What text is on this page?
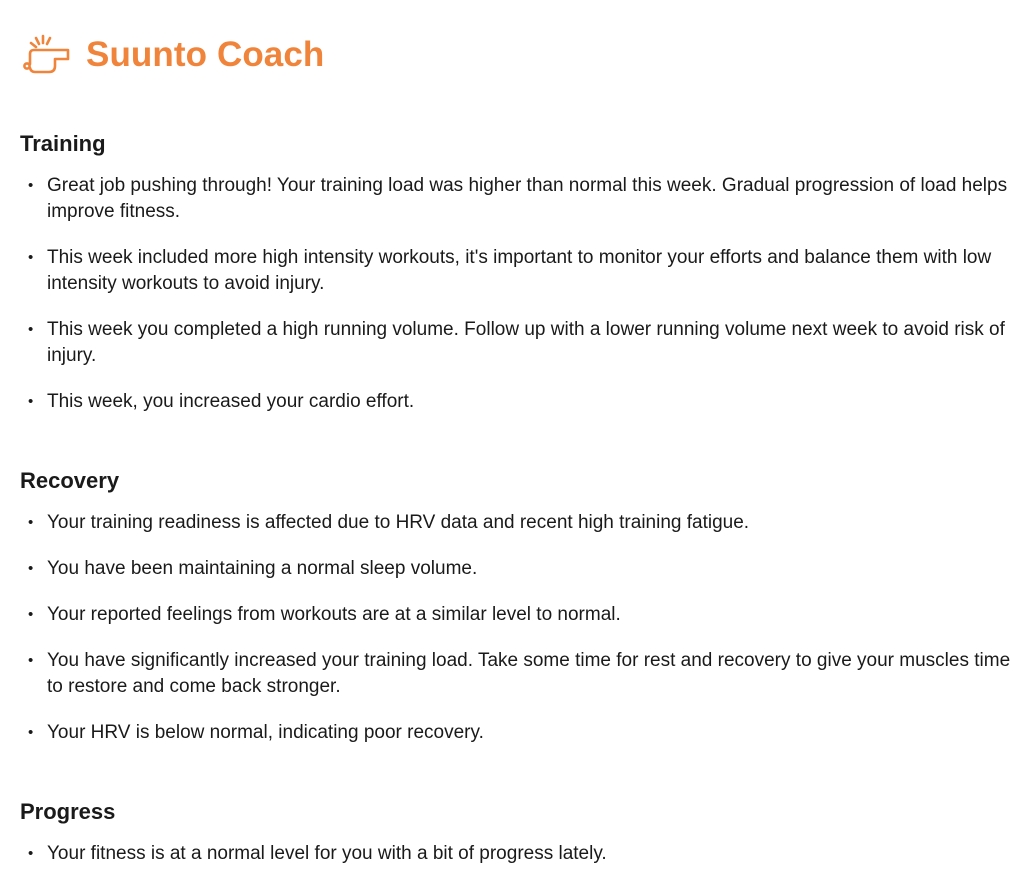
Suunto Coach
Training
• Great job pushing through! Your training load was higher than normal this week. Gradual progression of load helps improve fitness.
• This week included more high intensity workouts, it's important to monitor your efforts and balance them with low intensity workouts to avoid injury.
• This week you completed a high running volume. Follow up with a lower running volume next week to avoid risk of injury.
• This week, you increased your cardio effort.
Recovery
• Your training readiness is affected due to HRV data and recent high training fatigue.
• You have been maintaining a normal sleep volume.
• Your reported feelings from workouts are at a similar level to normal.
• You have significantly increased your training load. Take some time for rest and recovery to give your muscles time to restore and come back stronger.
• Your HRV is below normal, indicating poor recovery.
Progress
• Your fitness is at a normal level for you with a bit of progress lately.
